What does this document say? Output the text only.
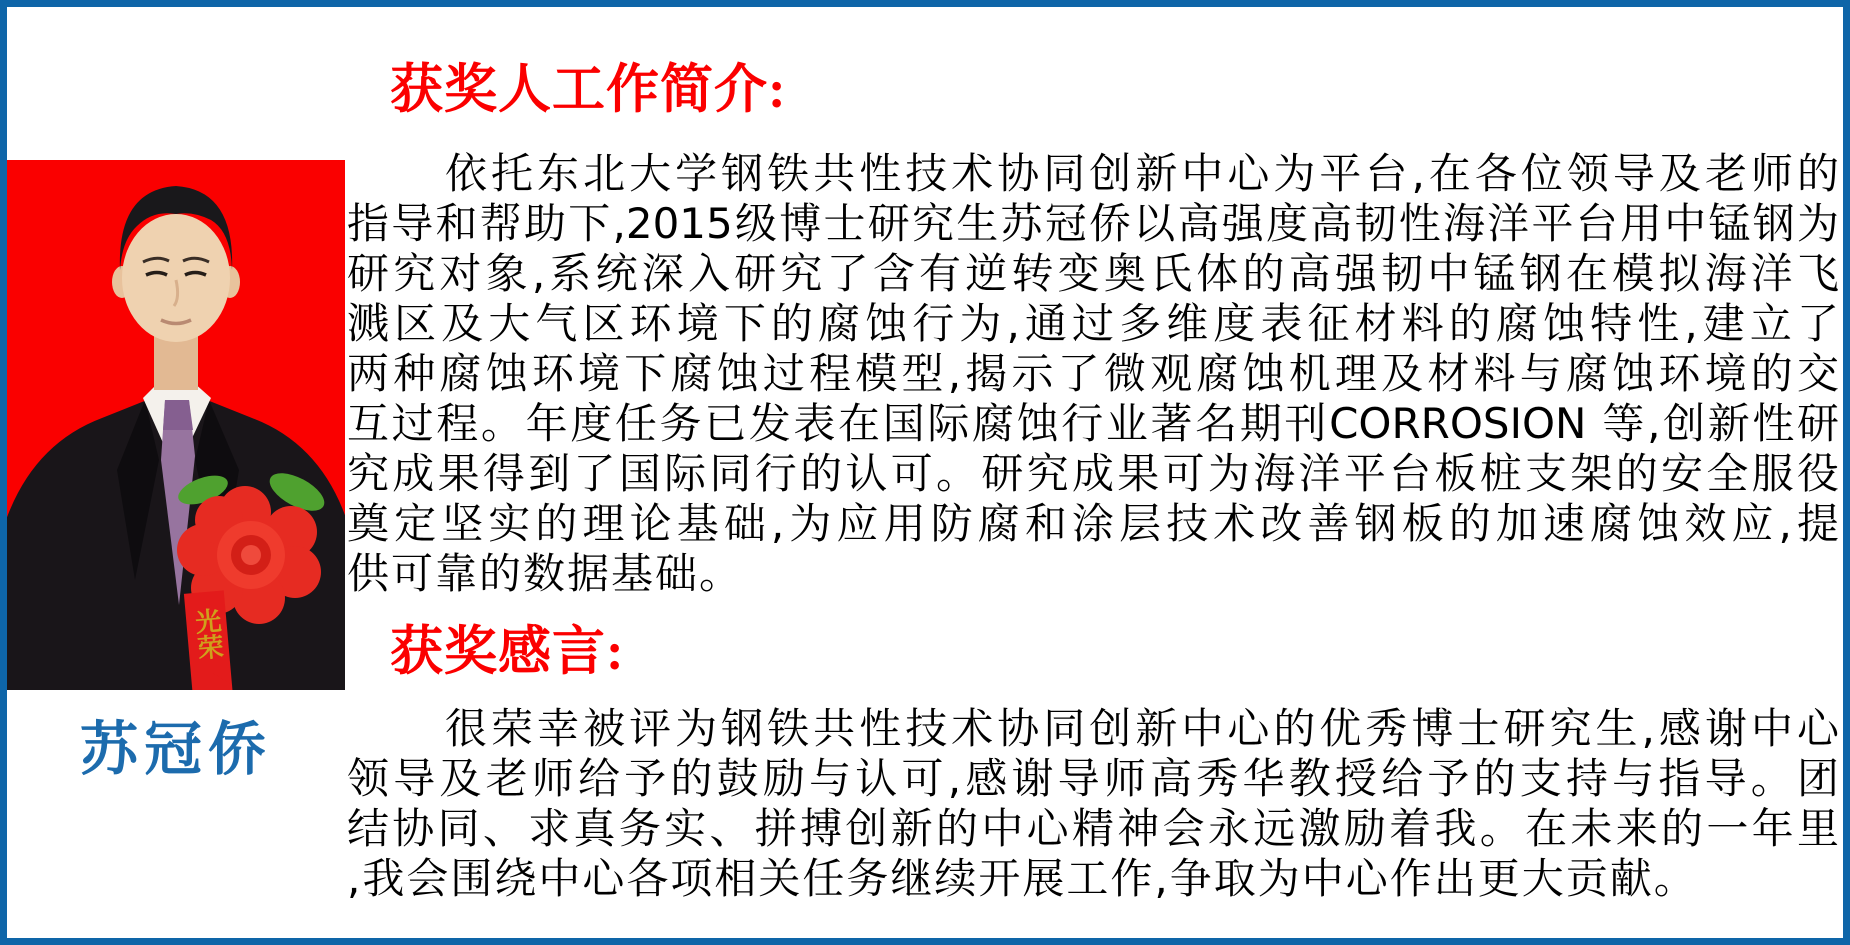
光荣
苏冠侨
获奖人工作简介:
依托东北大学钢铁共性技术协同创新中心为平台,在各位领导及老师的
指导和帮助下,2015级博士研究生苏冠侨以高强度高韧性海洋平台用中锰钢为
研究对象,系统深入研究了含有逆转变奥氏体的高强韧中锰钢在模拟海洋飞
溅区及大气区环境下的腐蚀行为,通过多维度表征材料的腐蚀特性,建立了
两种腐蚀环境下腐蚀过程模型,揭示了微观腐蚀机理及材料与腐蚀环境的交
互过程。年度任务已发表在国际腐蚀行业著名期刊CORROSION 等,创新性研
究成果得到了国际同行的认可。研究成果可为海洋平台板桩支架的安全服役
奠定坚实的理论基础,为应用防腐和涂层技术改善钢板的加速腐蚀效应,提
供可靠的数据基础。
获奖感言:
很荣幸被评为钢铁共性技术协同创新中心的优秀博士研究生,感谢中心
领导及老师给予的鼓励与认可,感谢导师高秀华教授给予的支持与指导。团
结协同、求真务实、拼搏创新的中心精神会永远激励着我。在未来的一年里
,我会围绕中心各项相关任务继续开展工作,争取为中心作出更大贡献。
